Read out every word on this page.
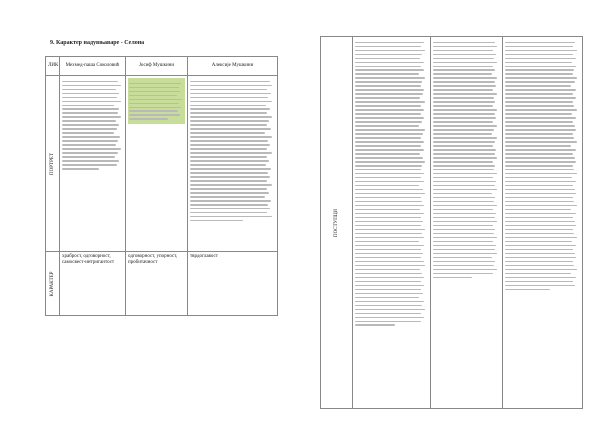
9. Карактер надувњаваре - Селона
ЛИК	Мехмед-паша Соколовић	Јосиф Мушкини	Алексије Мушкини

ПОРТРЕТ			

КАРАКТЕР	храброст, одговорност, самосвест-интригантост	одговорност, упорност, пробитачност	тврдоглавост
ПОСТУПЦИ
